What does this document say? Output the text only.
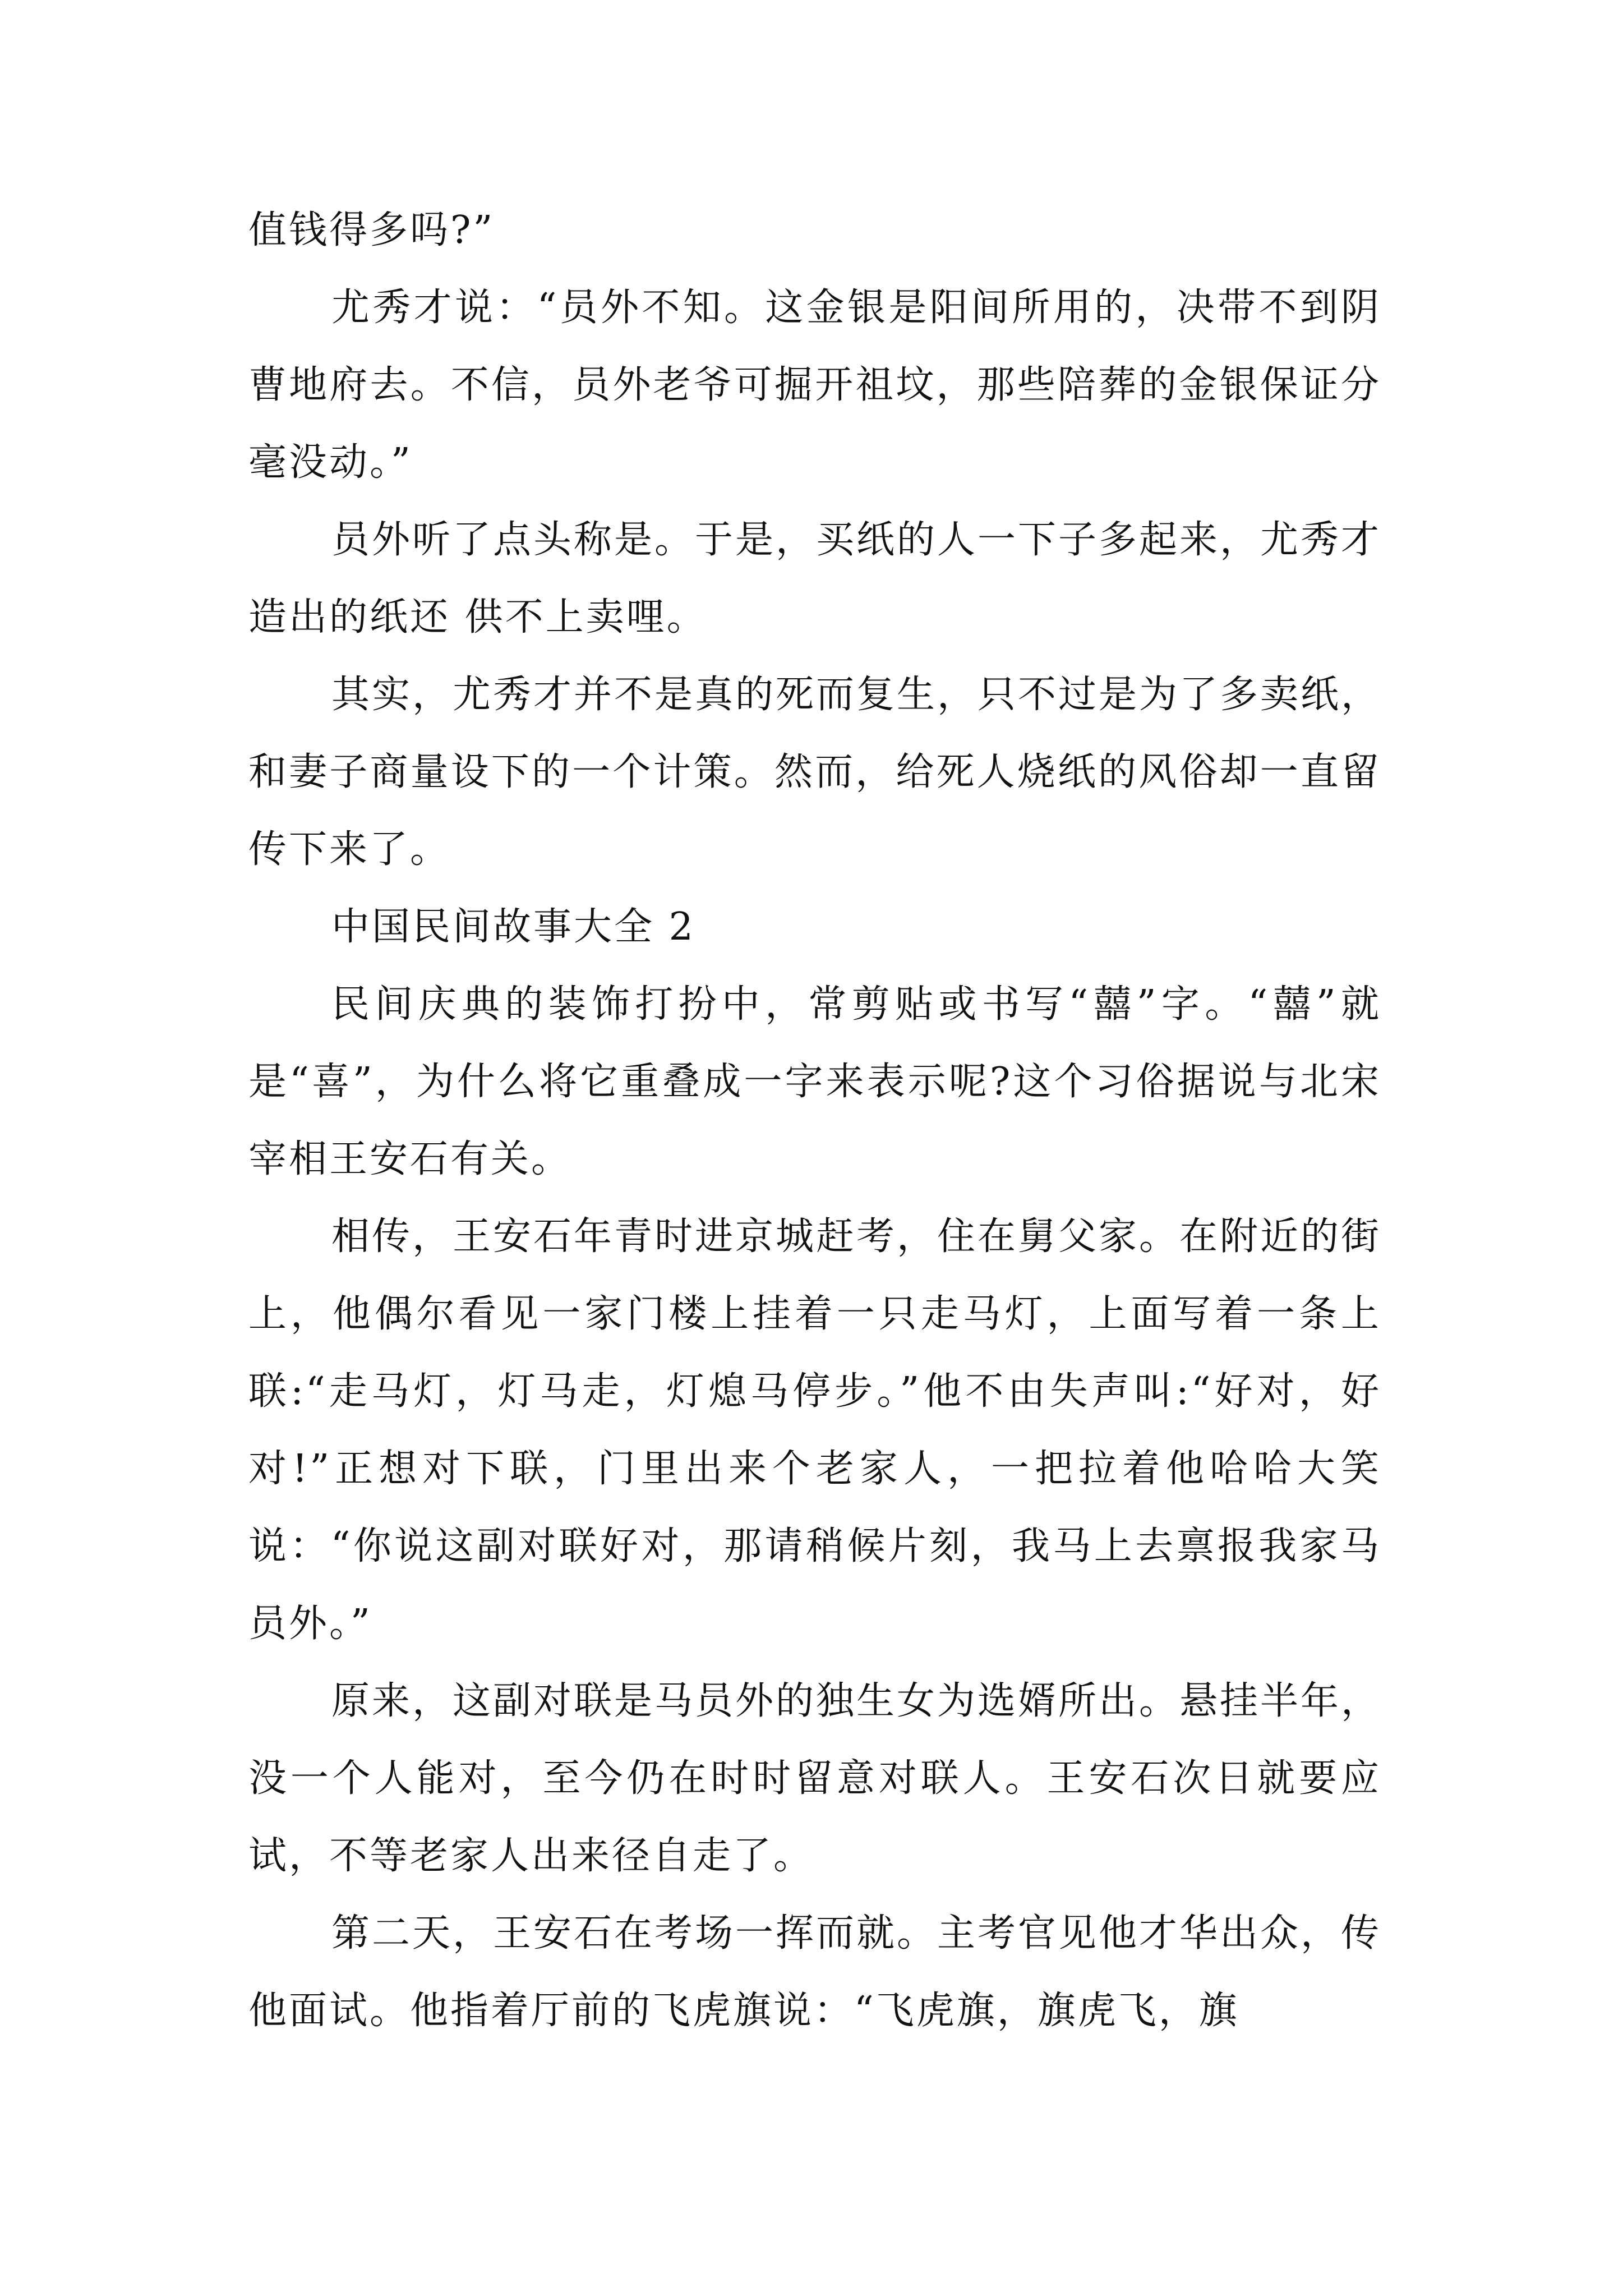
值钱得多吗?”

尤秀才说：“员外不知。这金银是阳间所用的，决带不到阴曹地府去。不信，员外老爷可掘开祖坟，那些陪葬的金银保证分毫没动。”

员外听了点头称是。于是，买纸的人一下子多起来，尤秀才造出的纸还 供不上卖哩。

其实，尤秀才并不是真的死而复生，只不过是为了多卖纸，和妻子商量设下的一个计策。然而，给死人烧纸的风俗却一直留传下来了。

中国民间故事大全 2

民间庆典的装饰打扮中，常剪贴或书写“囍”字。“囍”就是“喜”，为什么将它重叠成一字来表示呢?这个习俗据说与北宋宰相王安石有关。

相传，王安石年青时进京城赶考，住在舅父家。在附近的街上，他偶尔看见一家门楼上挂着一只走马灯，上面写着一条上联:“走马灯，灯马走，灯熄马停步。”他不由失声叫:“好对，好对!”正想对下联，门里出来个老家人，一把拉着他哈哈大笑说：“你说这副对联好对，那请稍候片刻，我马上去禀报我家马员外。”

原来，这副对联是马员外的独生女为选婿所出。悬挂半年，没一个人能对，至今仍在时时留意对联人。王安石次日就要应试，不等老家人出来径自走了。

第二天，王安石在考场一挥而就。主考官见他才华出众，传他面试。他指着厅前的飞虎旗说：“飞虎旗，旗虎飞，旗
